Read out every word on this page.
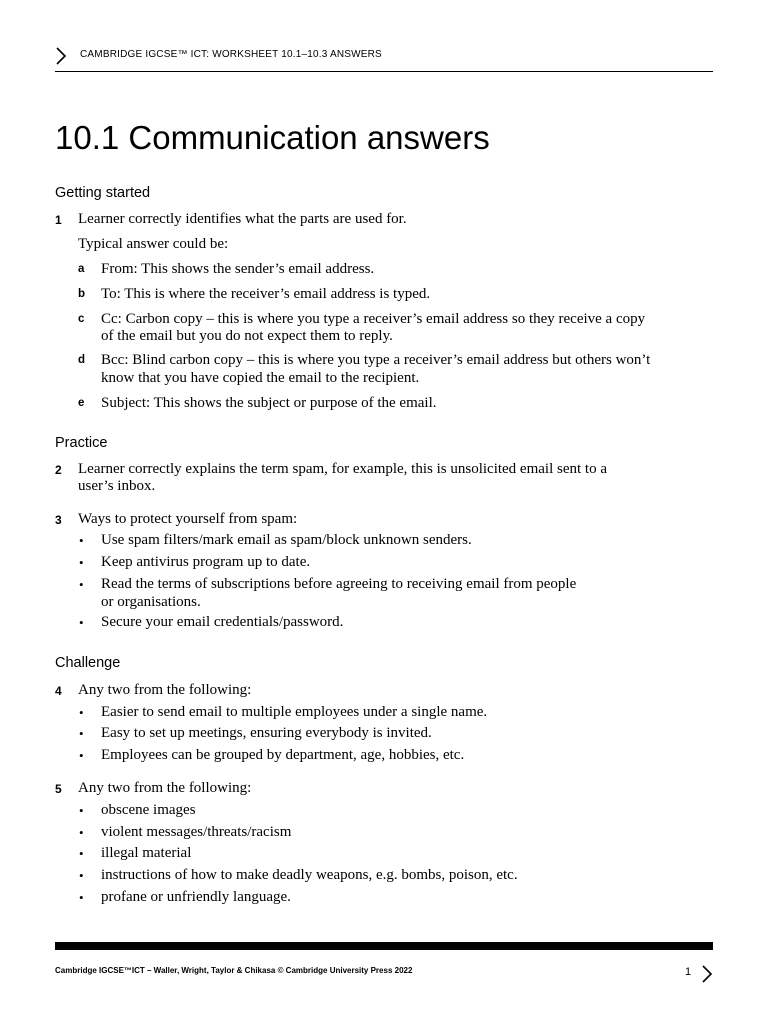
CAMBRIDGE IGCSE™ ICT: WORKSHEET 10.1–10.3 ANSWERS
10.1 Communication answers
Getting started
1 Learner correctly identifies what the parts are used for.
Typical answer could be:
a From: This shows the sender’s email address.
b To: This is where the receiver’s email address is typed.
c Cc: Carbon copy – this is where you type a receiver’s email address so they receive a copy
of the email but you do not expect them to reply.
d Bcc: Blind carbon copy – this is where you type a receiver’s email address but others won’t
know that you have copied the email to the recipient.
e Subject: This shows the subject or purpose of the email.
Practice
2 Learner correctly explains the term spam, for example, this is unsolicited email sent to a
user’s inbox.
3 Ways to protect yourself from spam:
• Use spam filters/mark email as spam/block unknown senders.
• Keep antivirus program up to date.
• Read the terms of subscriptions before agreeing to receiving email from people
or organisations.
• Secure your email credentials/password.
Challenge
4 Any two from the following:
• Easier to send email to multiple employees under a single name.
• Easy to set up meetings, ensuring everybody is invited.
• Employees can be grouped by department, age, hobbies, etc.
5 Any two from the following:
• obscene images
• violent messages/threats/racism
• illegal material
• instructions of how to make deadly weapons, e.g. bombs, poison, etc.
• profane or unfriendly language.
Cambridge IGCSE™ICT – Waller, Wright, Taylor & Chikasa © Cambridge University Press 2022	1
